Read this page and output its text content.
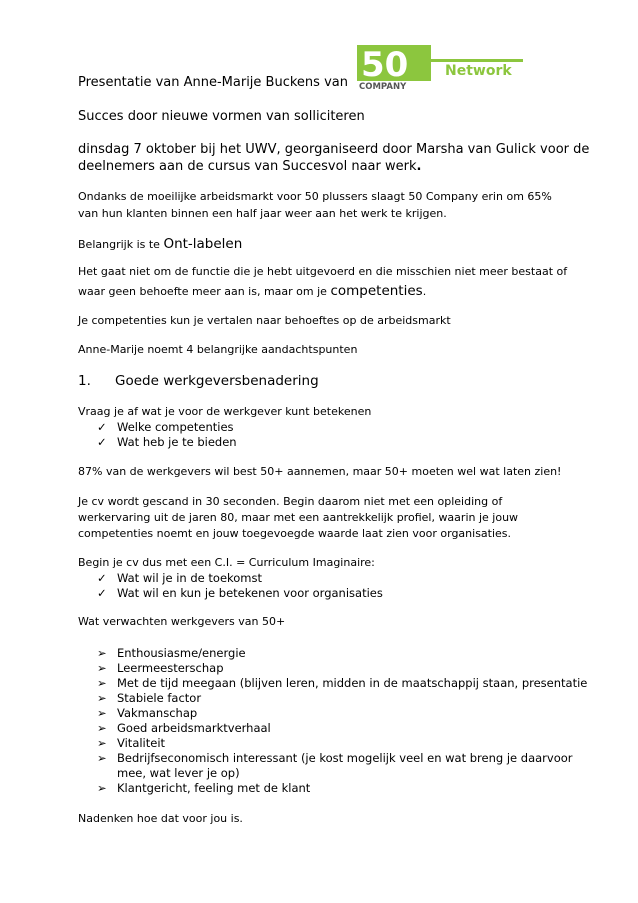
50	Network
COMPANY
Presentatie van Anne-Marije Buckens van
Succes door nieuwe vormen van solliciteren
dinsdag 7 oktober bij het UWV, georganiseerd door Marsha van Gulick voor de
deelnemers aan de cursus van Succesvol naar werk.
Ondanks de moeilijke arbeidsmarkt voor 50 plussers slaagt 50 Company erin om 65%
van hun klanten binnen een half jaar weer aan het werk te krijgen.
Belangrijk is te Ont-labelen
Het gaat niet om de functie die je hebt uitgevoerd en die misschien niet meer bestaat of
waar geen behoefte meer aan is, maar om je competenties.
Je competenties kun je vertalen naar behoeftes op de arbeidsmarkt
Anne-Marije noemt 4 belangrijke aandachtspunten
1. Goede werkgeversbenadering
Vraag je af wat je voor de werkgever kunt betekenen
✓ Welke competenties
✓ Wat heb je te bieden
87% van de werkgevers wil best 50+ aannemen, maar 50+ moeten wel wat laten zien!
Je cv wordt gescand in 30 seconden. Begin daarom niet met een opleiding of
werkervaring uit de jaren 80, maar met een aantrekkelijk profiel, waarin je jouw
competenties noemt en jouw toegevoegde waarde laat zien voor organisaties.
Begin je cv dus met een C.I. = Curriculum Imaginaire:
✓ Wat wil je in de toekomst
✓ Wat wil en kun je betekenen voor organisaties
Wat verwachten werkgevers van 50+
➢ Enthousiasme/energie
➢ Leermeesterschap
➢ Met de tijd meegaan (blijven leren, midden in de maatschappij staan, presentatie
➢ Stabiele factor
➢ Vakmanschap
➢ Goed arbeidsmarktverhaal
➢ Vitaliteit
➢ Bedrijfseconomisch interessant (je kost mogelijk veel en wat breng je daarvoor
mee, wat lever je op)
➢ Klantgericht, feeling met de klant
Nadenken hoe dat voor jou is.
